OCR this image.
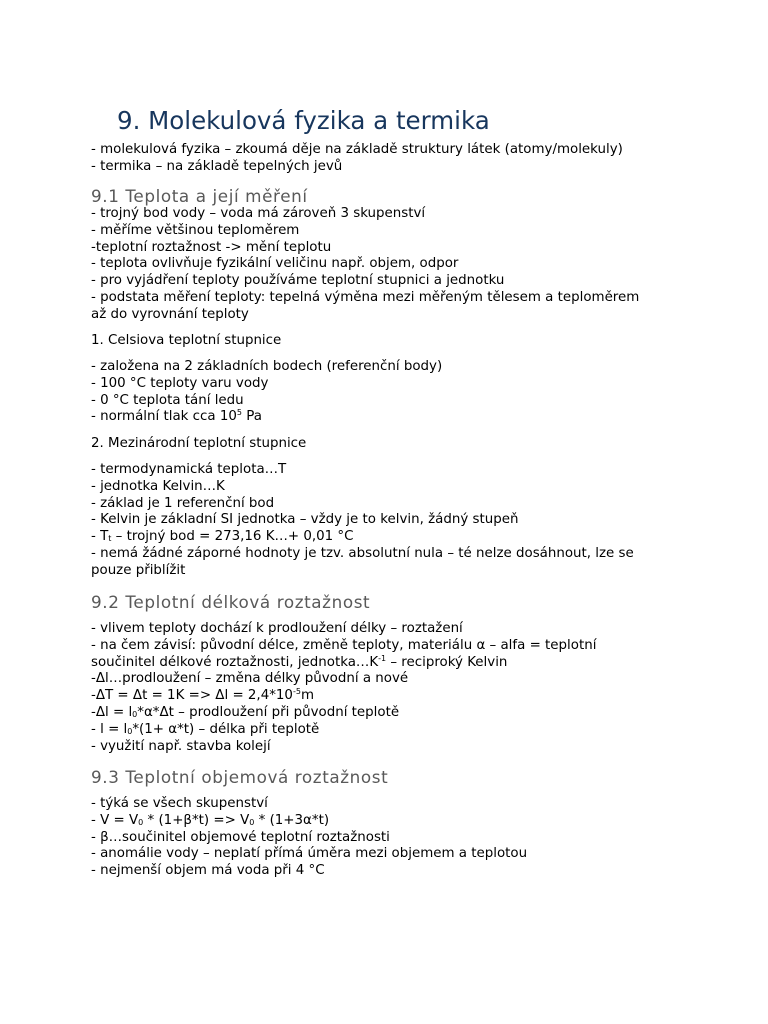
9. Molekulová fyzika a termika

- molekulová fyzika – zkoumá děje na základě struktury látek (atomy/molekuly)

- termika – na základě tepelných jevů

9.1 Teplota a její měření

- trojný bod vody – voda má zároveň 3 skupenství

- měříme většinou teploměrem

-teplotní roztažnost -> mění teplotu

- teplota ovlivňuje fyzikální veličinu např. objem, odpor

- pro vyjádření teploty používáme teplotní stupnici a jednotku

- podstata měření teploty: tepelná výměna mezi měřeným tělesem a teploměrem

až do vyrovnání teploty

1. Celsiova teplotní stupnice

- založena na 2 základních bodech (referenční body)

- 100 °C teploty varu vody

- 0 °C teplota tání ledu

- normální tlak cca $10^5$ Pa

2. Mezinárodní teplotní stupnice

- termodynamická teplota…T

- jednotka Kelvin…K

- základ je 1 referenční bod

- Kelvin je základní SI jednotka – vždy je to kelvin, žádný stupeň

- $T_t$ – trojný bod = 273,16 K…+ 0,01 °C

- nemá žádné záporné hodnoty je tzv. absolutní nula – té nelze dosáhnout, lze se

pouze přiblížit

9.2 Teplotní délková roztažnost

- vlivem teploty dochází k prodloužení délky – roztažení

- na čem závisí: původní délce, změně teploty, materiálu α – alfa = teplotní

součinitel délkové roztažnosti, $jednotka\dots K^{-1}$ – reciproký Kelvin

-Δl…prodloužení – změna délky původní a nové

$-\Delta T = \Delta t = 1K => \Delta l = 2,4*10^{-5}m$

$-\Delta l = l_0*\alpha*\Delta t$ – prodloužení při původní teplotě

- $l = l_0*(1+ \alpha*t)$ – délka při teplotě

- využití např. stavba kolejí

9.3 Teplotní objemová roztažnost

- týká se všech skupenství

- $V = V_0 * (1+\beta*t) => V_0 * (1+3\alpha*t)$

- β…součinitel objemové teplotní roztažnosti

- anomálie vody – neplatí přímá úměra mezi objemem a teplotou

- nejmenší objem má voda při 4 °C
